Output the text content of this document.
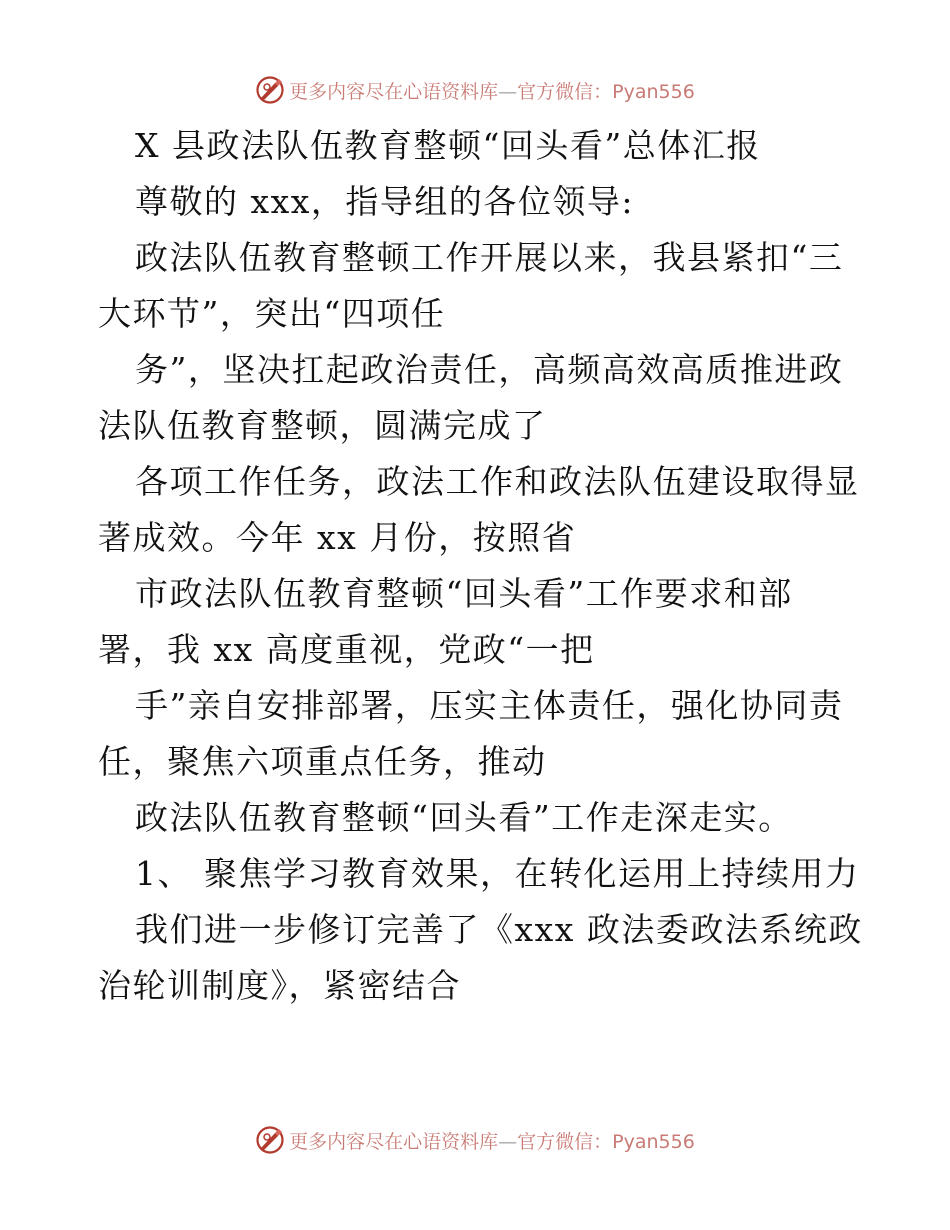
更多内容尽在心语资料库—官方微信：Pyan556
X 县政法队伍教育整顿“回头看”总体汇报
尊敬的 xxx，指导组的各位领导:
政法队伍教育整顿工作开展以来，我县紧扣“三
大环节”，突出“四项任
务”，坚决扛起政治责任，高频高效高质推进政
法队伍教育整顿，圆满完成了
各项工作任务，政法工作和政法队伍建设取得显
著成效。今年 xx 月份，按照省
市政法队伍教育整顿“回头看”工作要求和部
署，我 xx 高度重视，党政“一把
手”亲自安排部署，压实主体责任，强化协同责
任，聚焦六项重点任务，推动
政法队伍教育整顿“回头看”工作走深走实。
1、 聚焦学习教育效果，在转化运用上持续用力
我们进一步修订完善了《xxx 政法委政法系统政
治轮训制度》，紧密结合
更多内容尽在心语资料库—官方微信：Pyan556
